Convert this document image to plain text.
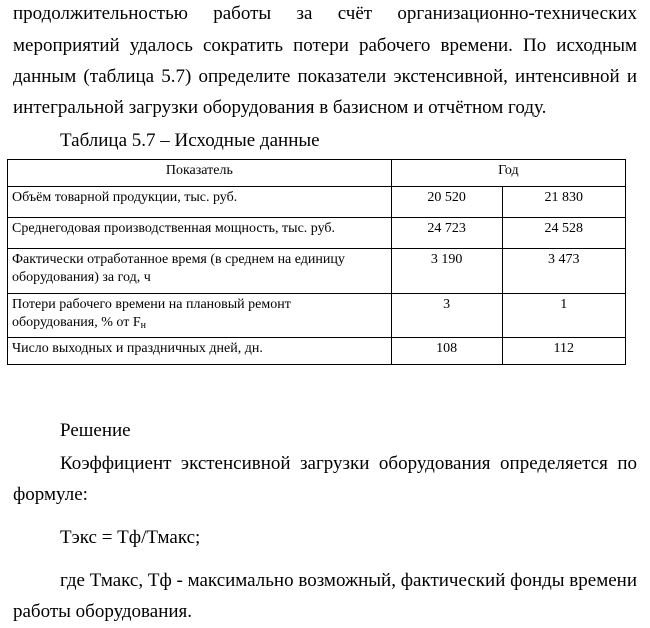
продолжительностью работы за счёт организационно-технических

мероприятий удалось сократить потери рабочего времени. По исходным

данным (таблица 5.7) определите показатели экстенсивной, интенсивной и

интегральной загрузки оборудования в базисном и отчётном году.

Таблица 5.7 – Исходные данные

Показатель	Год	
Объём товарной продукции, тыс. руб.	20 520	21 830
Среднегодовая производственная мощность, тыс. руб.	24 723	24 528
Фактически отработанное время (в среднем на единицу
оборудования) за год, ч	3 190	3 473
Потери рабочего времени на плановый ремонт
оборудования, % от $F_н$	3	1
Число выходных и праздничных дней, дн.	108	112

Решение

Коэффициент экстенсивной загрузки оборудования определяется по

формуле:

Тэкс = Тф/Тмакс;

где Тмакс, Тф - максимально возможный, фактический фонды времени

работы оборудования.
